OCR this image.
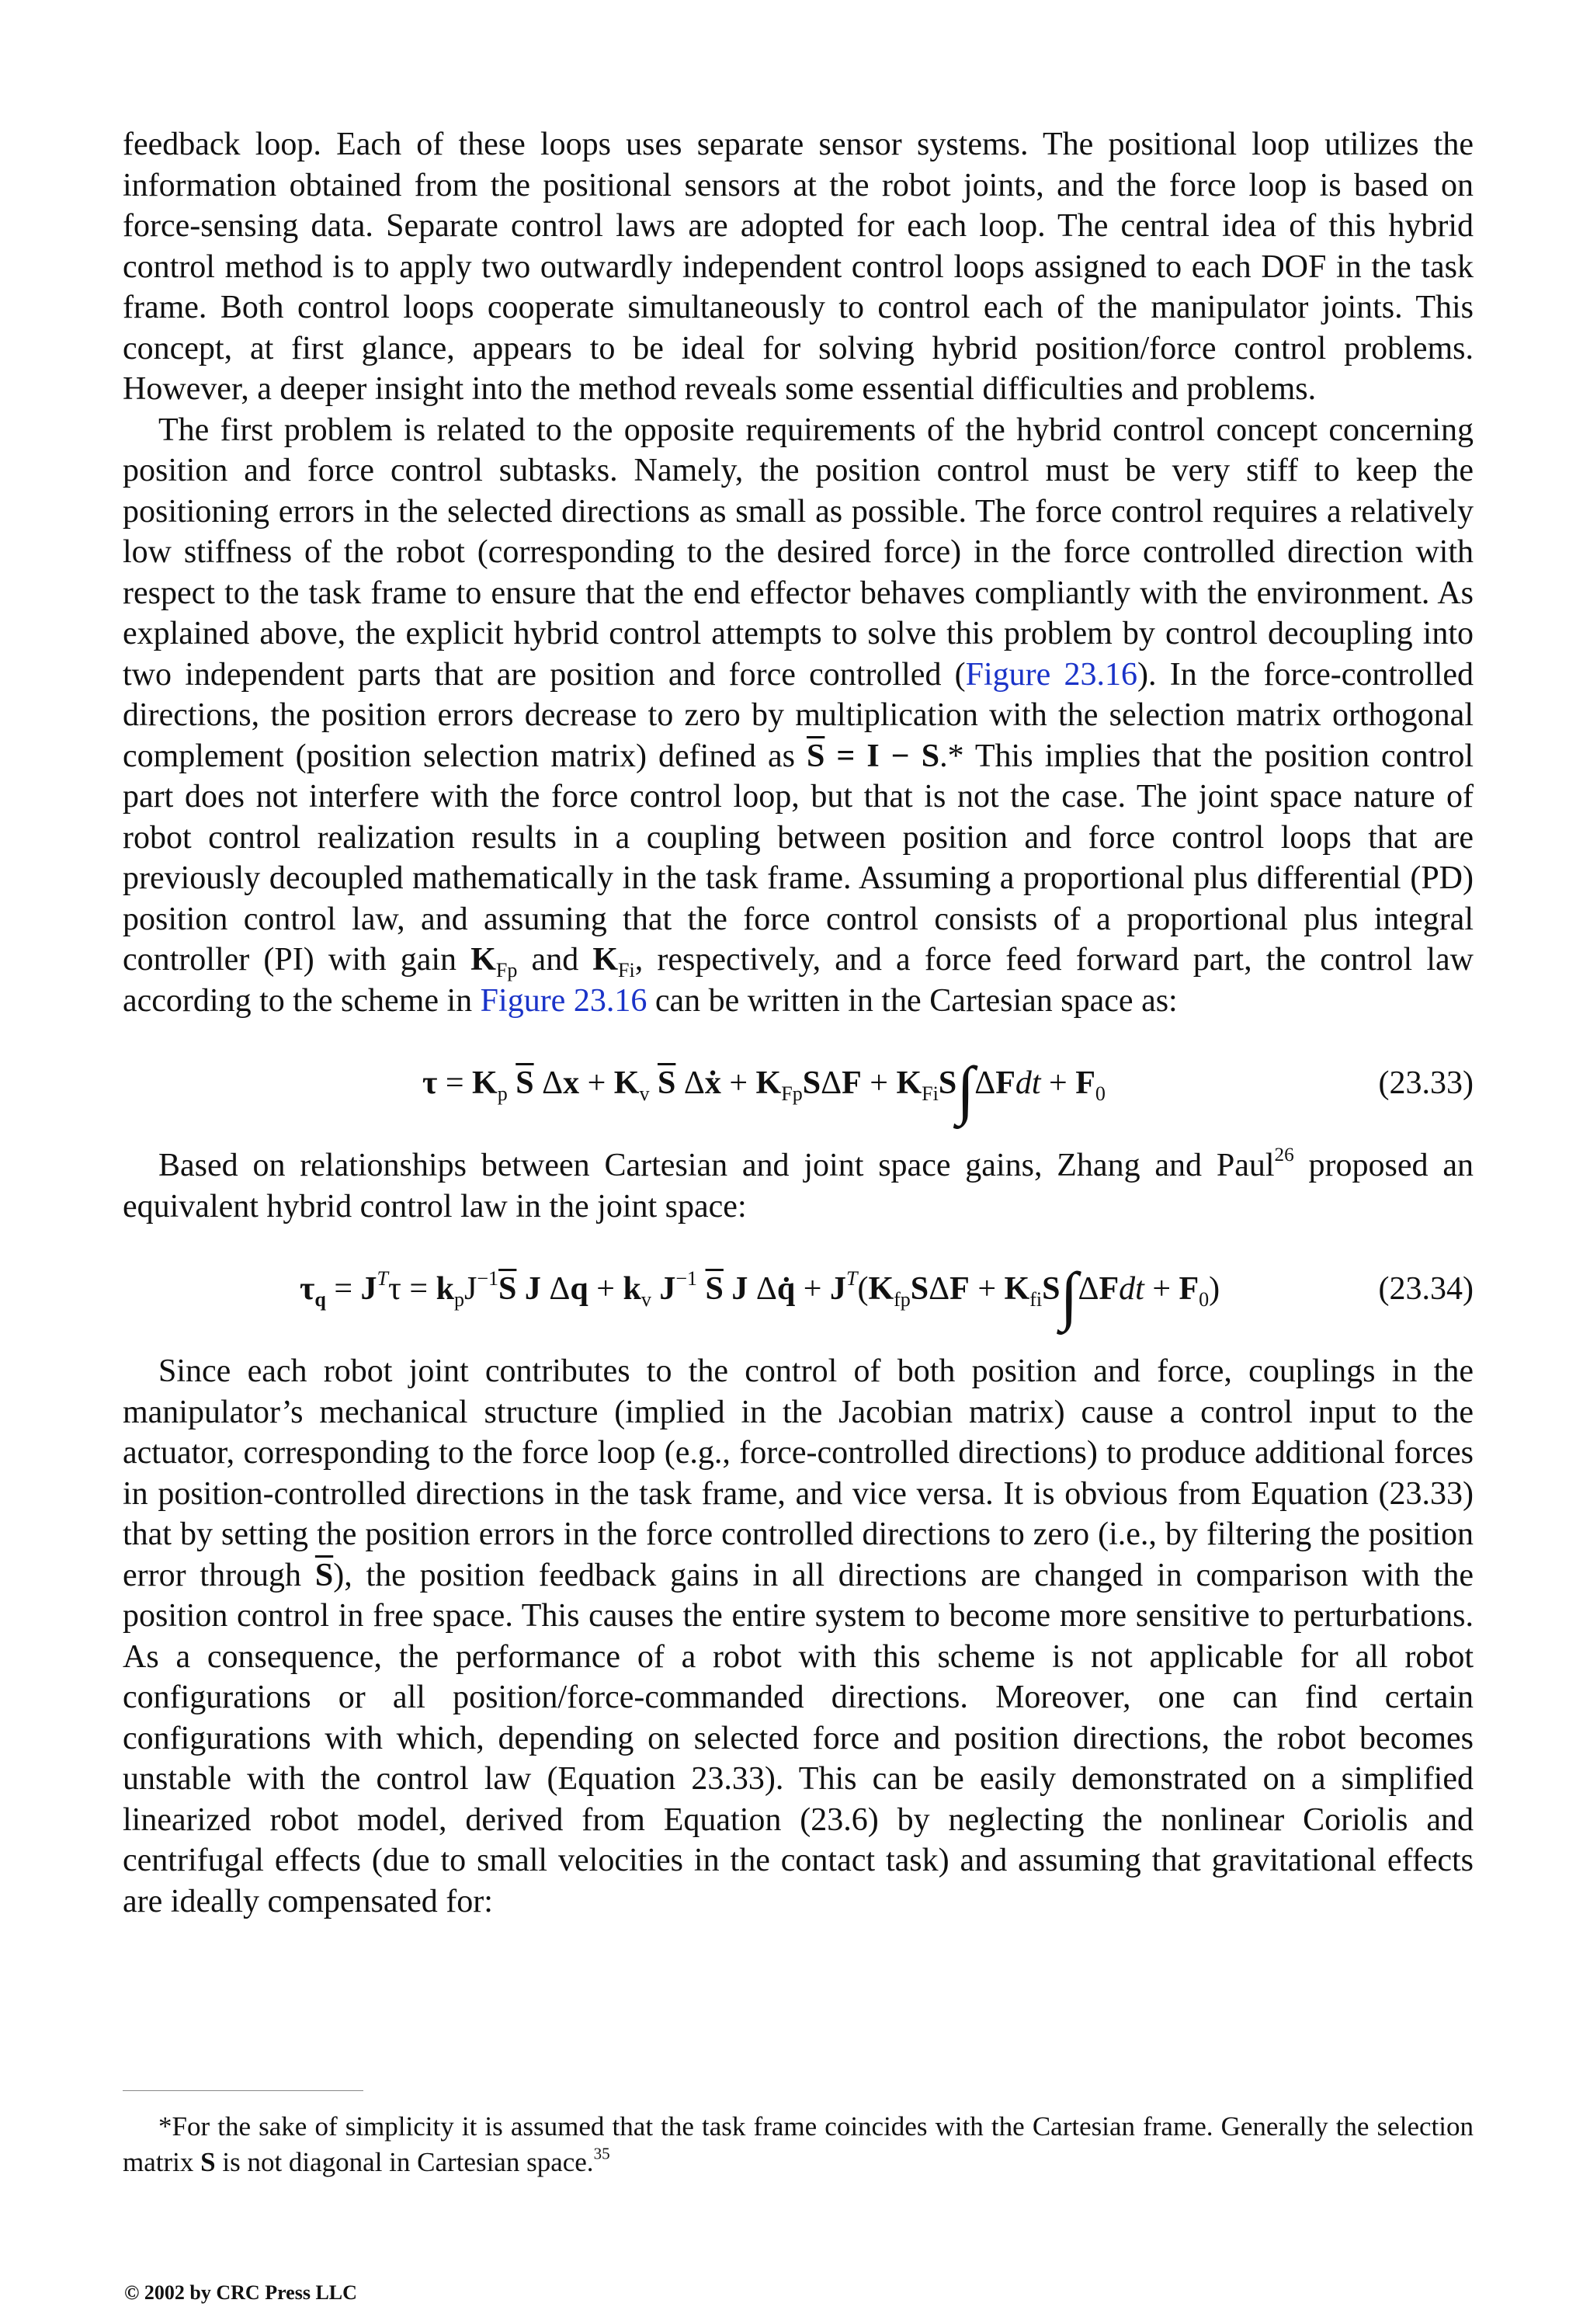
feedback loop. Each of these loops uses separate sensor systems. The positional loop utilizes the information obtained from the positional sensors at the robot joints, and the force loop is based on force-sensing data. Separate control laws are adopted for each loop. The central idea of this hybrid control method is to apply two outwardly independent control loops assigned to each DOF in the task frame. Both control loops cooperate simultaneously to control each of the manipulator joints. This concept, at first glance, appears to be ideal for solving hybrid position/force control problems. However, a deeper insight into the method reveals some essential difficulties and problems.

The first problem is related to the opposite requirements of the hybrid control concept concerning position and force control subtasks. Namely, the position control must be very stiff to keep the positioning errors in the selected directions as small as possible. The force control requires a relatively low stiffness of the robot (corresponding to the desired force) in the force controlled direction with respect to the task frame to ensure that the end effector behaves compliantly with the environment. As explained above, the explicit hybrid control attempts to solve this problem by control decoupling into two independent parts that are position and force controlled (Figure 23.16). In the force-controlled directions, the position errors decrease to zero by multiplication with the selection matrix orthogonal complement (position selection matrix) defined as $\overline{S} = I - S.*$ This implies that the position control part does not interfere with the force control loop, but that is not the case. The joint space nature of robot control realization results in a coupling between position and force control loops that are previously decoupled mathematically in the task frame. Assuming a proportional plus differential (PD) position control law, and assuming that the force control consists of a proportional plus integral controller (PI) with gain $K_{Fp}$ and $K_{Fi}$, respectively, and a force feed forward part, the control law according to the scheme in Figure 23.16 can be written in the Cartesian space as:

$\tau = K_p$ $\overline{S}$ $\Delta x + K_v$ $\overline{S}$ Δẋ + $K_{Fp}S\Delta F + K_{Fi}S\int\Delta Fdt + F_0$	(23.33)

Based on relationships between Cartesian and joint space gains, Zhang and Paul$^{26}$ proposed an equivalent hybrid control law in the joint space:

$\tau_q = J^T\tau = k_pJ^{-1}\overline{S}$ J $\Delta q + k_v$ $J^{-1}$ $\overline{S}$ J Δq̇ + $J^T(K_{fp}S\Delta F + K_{fi}S\int\Delta Fdt + F_0)$	(23.34)

Since each robot joint contributes to the control of both position and force, couplings in the manipulator’s mechanical structure (implied in the Jacobian matrix) cause a control input to the actuator, corresponding to the force loop (e.g., force-controlled directions) to produce additional forces in position-controlled directions in the task frame, and vice versa. It is obvious from Equation (23.33) that by setting the position errors in the force controlled directions to zero (i.e., by filtering the position error through $\overline{S}$), the position feedback gains in all directions are changed in comparison with the position control in free space. This causes the entire system to become more sensitive to perturbations. As a consequence, the performance of a robot with this scheme is not applicable for all robot configurations or all position/force-commanded directions. Moreover, one can find certain configurations with which, depending on selected force and position directions, the robot becomes unstable with the control law (Equation 23.33). This can be easily demonstrated on a simplified linearized robot model, derived from Equation (23.6) by neglecting the nonlinear Coriolis and centrifugal effects (due to small velocities in the contact task) and assuming that gravitational effects are ideally compensated for:

*For the sake of simplicity it is assumed that the task frame coincides with the Cartesian frame. Generally the selection matrix S is not diagonal in Cartesian space.$^{35}$
© 2002 by CRC Press LLC
